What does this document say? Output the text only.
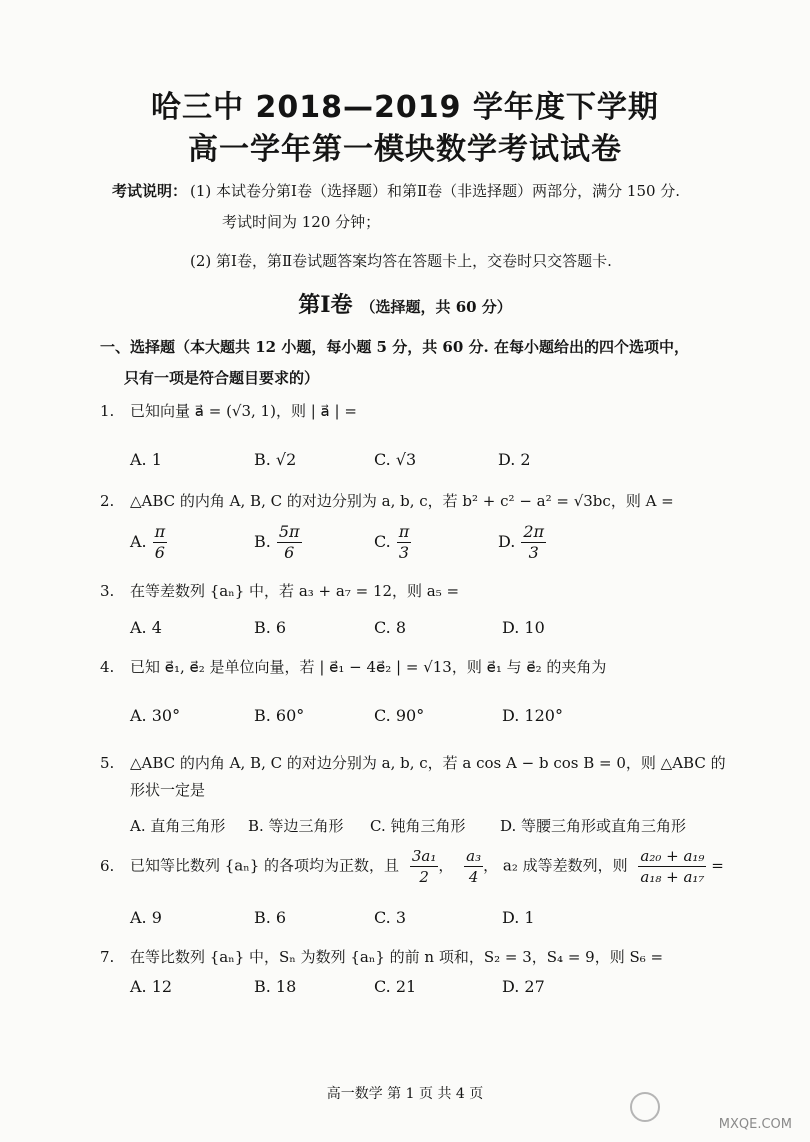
哈三中 2018—2019 学年度下学期
高一学年第一模块数学考试试卷
考试说明： (1) 本试卷分第Ⅰ卷（选择题）和第Ⅱ卷（非选择题）两部分，满分 150 分.
考试时间为 120 分钟；
(2) 第Ⅰ卷，第Ⅱ卷试题答案均答在答题卡上，交卷时只交答题卡.
第Ⅰ卷 （选择题，共 60 分）
一、选择题（本大题共 12 小题，每小题 5 分，共 60 分. 在每小题给出的四个选项中，
只有一项是符合题目要求的）
1. 已知向量 a⃗ = (√3, 1)，则 | a⃗ | =
A. 1	B. √2	C. √3	D. 2
2. △ABC 的内角 A, B, C 的对边分别为 a, b, c，若 b² + c² − a² = √3bc，则 A =
A. $\frac{\pi}{6}$	B. $\frac{5\pi}{6}$	C. $\frac{\pi}{3}$	D. $\frac{2\pi}{3}$
3. 在等差数列 {aₙ} 中，若 a₃ + a₇ = 12，则 a₅ =
A. 4	B. 6	C. 8	D. 10
4. 已知 e⃗₁, e⃗₂ 是单位向量，若 | e⃗₁ − 4e⃗₂ | = √13，则 e⃗₁ 与 e⃗₂ 的夹角为
A. 30°	B. 60°	C. 90°	D. 120°
5. △ABC 的内角 A, B, C 的对边分别为 a, b, c，若 a cos A − b cos B = 0，则 △ABC 的
形状一定是
A. 直角三角形 B. 等边三角形 C. 钝角三角形 D. 等腰三角形或直角三角形
6. 已知等比数列 {aₙ} 的各项均为正数，且 $\frac{\text{3a₁}}{2}$ ， $\frac{\text{a₃}}{4}$ ， a₂ 成等差数列，则 $\frac{\text{a₂₀ + a₁₉}}{\text{a₁₈ + a₁₇}}$ =
A. 9	B. 6	C. 3	D. 1
7. 在等比数列 {aₙ} 中，Sₙ 为数列 {aₙ} 的前 n 项和，S₂ = 3，S₄ = 9，则 S₆ =
A. 12	B. 18	C. 21	D. 27
高一数学 第 1 页 共 4 页
MXQE.COM
